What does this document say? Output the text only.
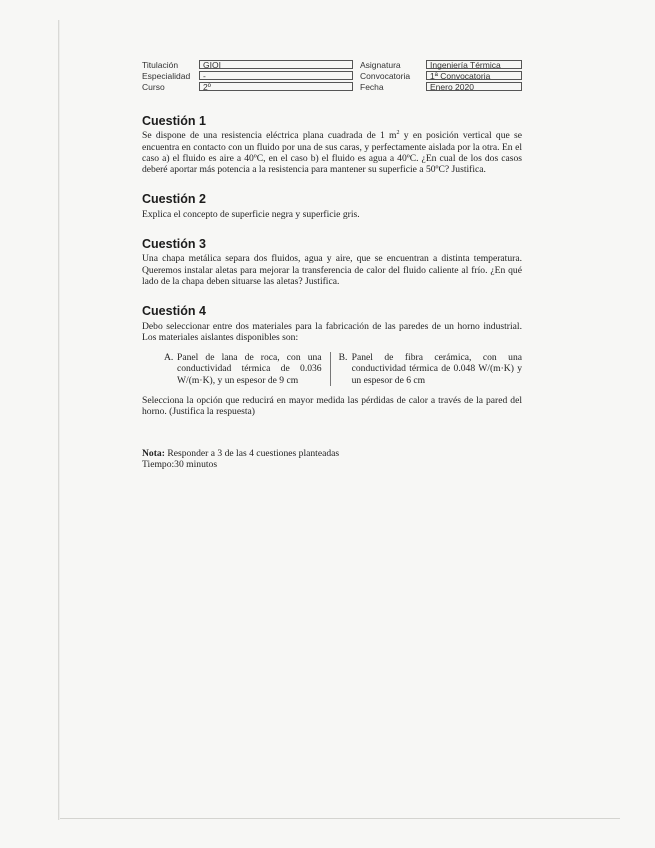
Titulación	GIOI
Especialidad	-
Curso	2º
Asignatura	Ingeniería Térmica
Convocatoria	1ª Convocatoria
Fecha	Enero 2020
Cuestión 1

Se dispone de una resistencia eléctrica plana cuadrada de 1 $m^2$ y en posición vertical que se encuentra en contacto con un fluido por una de sus caras, y perfectamente aislada por la otra. En el caso a) el fluido es aire a 40ºC, en el caso b) el fluido es agua a 40ºC. ¿En cual de los dos casos deberé aportar más potencia a la resistencia para mantener su superficie a 50ºC? Justifica.

Cuestión 2

Explica el concepto de superficie negra y superficie gris.

Cuestión 3

Una chapa metálica separa dos fluidos, agua y aire, que se encuentran a distinta temperatura. Queremos instalar aletas para mejorar la transferencia de calor del fluido caliente al frío. ¿En qué lado de la chapa deben situarse las aletas? Justifica.

Cuestión 4

Debo seleccionar entre dos materiales para la fabricación de las paredes de un horno industrial. Los materiales aislantes disponibles son:

A. Panel de lana de roca, con una conductividad térmica de 0.036 W/(m·K), y un espesor de 9 cm
B. Panel de fibra cerámica, con una conductividad térmica de 0.048 W/(m·K) y un espesor de 6 cm

Selecciona la opción que reducirá en mayor medida las pérdidas de calor a través de la pared del horno. (Justifica la respuesta)

Nota: Responder a 3 de las 4 cuestiones planteadas

Tiempo:30 minutos
